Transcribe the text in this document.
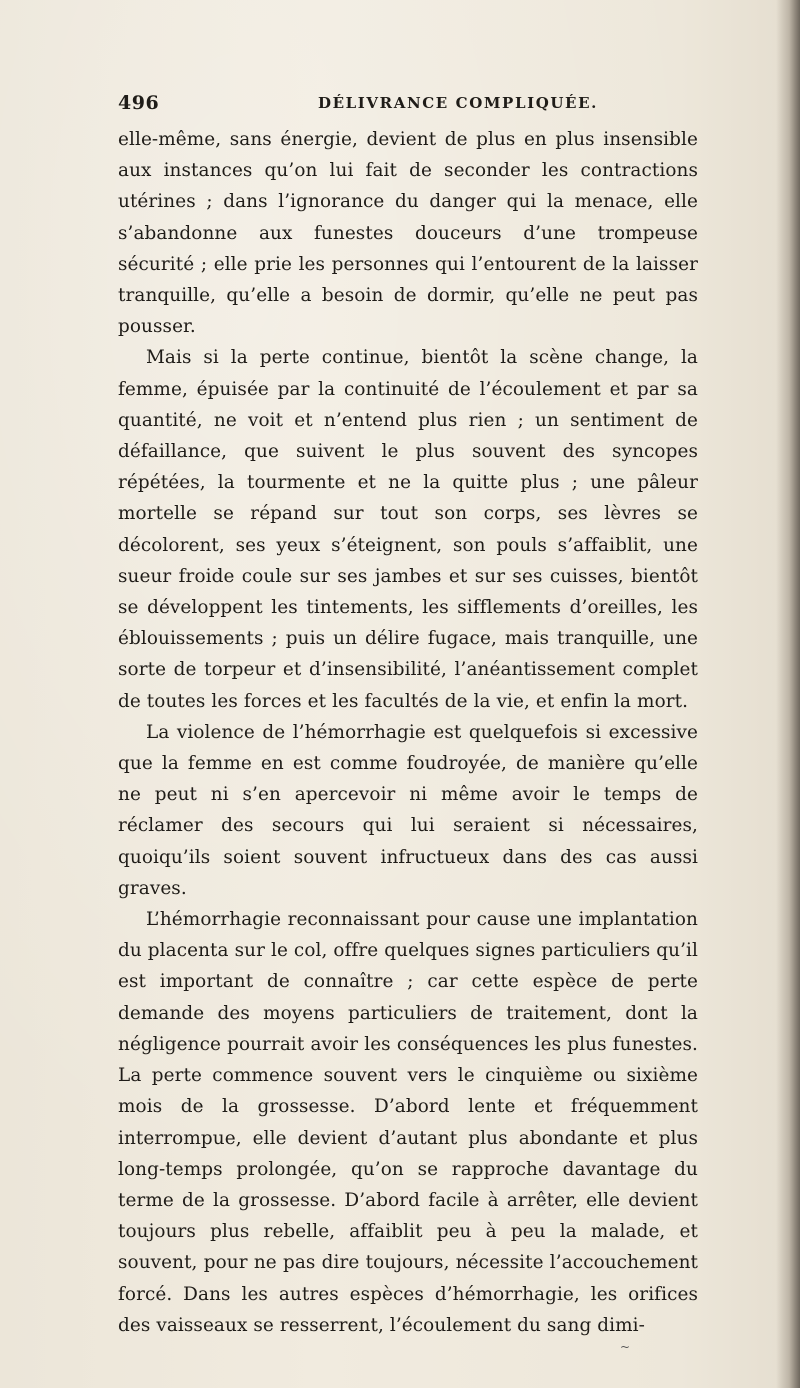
496	DÉLIVRANCE COMPLIQUÉE.

elle-même, sans énergie, devient de plus en plus insensible aux instances qu’on lui fait de seconder les contractions utérines ; dans l’ignorance du danger qui la menace, elle s’abandonne aux funestes douceurs d’une trompeuse sécurité ; elle prie les personnes qui l’entourent de la laisser tranquille, qu’elle a besoin de dormir, qu’elle ne peut pas pousser.

Mais si la perte continue, bientôt la scène change, la femme, épuisée par la continuité de l’écoulement et par sa quantité, ne voit et n’entend plus rien ; un sentiment de défaillance, que suivent le plus souvent des syncopes répétées, la tourmente et ne la quitte plus ; une pâleur mortelle se répand sur tout son corps, ses lèvres se décolorent, ses yeux s’éteignent, son pouls s’affaiblit, une sueur froide coule sur ses jambes et sur ses cuisses, bientôt se développent les tintements, les sifflements d’oreilles, les éblouissements ; puis un délire fugace, mais tranquille, une sorte de torpeur et d’insensibilité, l’anéantissement complet de toutes les forces et les facultés de la vie, et enfin la mort.

La violence de l’hémorrhagie est quelquefois si excessive que la femme en est comme foudroyée, de manière qu’elle ne peut ni s’en apercevoir ni même avoir le temps de réclamer des secours qui lui seraient si nécessaires, quoiqu’ils soient souvent infructueux dans des cas aussi graves.

L’hémorrhagie reconnaissant pour cause une implantation du placenta sur le col, offre quelques signes particuliers qu’il est important de connaître ; car cette espèce de perte demande des moyens particuliers de traitement, dont la négligence pourrait avoir les conséquences les plus funestes. La perte commence souvent vers le cinquième ou sixième mois de la grossesse. D’abord lente et fréquemment interrompue, elle devient d’autant plus abondante et plus long-temps prolongée, qu’on se rapproche davantage du terme de la grossesse. D’abord facile à arrêter, elle devient toujours plus rebelle, affaiblit peu à peu la malade, et souvent, pour ne pas dire toujours, nécessite l’accouchement forcé. Dans les autres espèces d’hémorrhagie, les orifices des vaisseaux se resserrent, l’écoulement du sang dimi-

~
